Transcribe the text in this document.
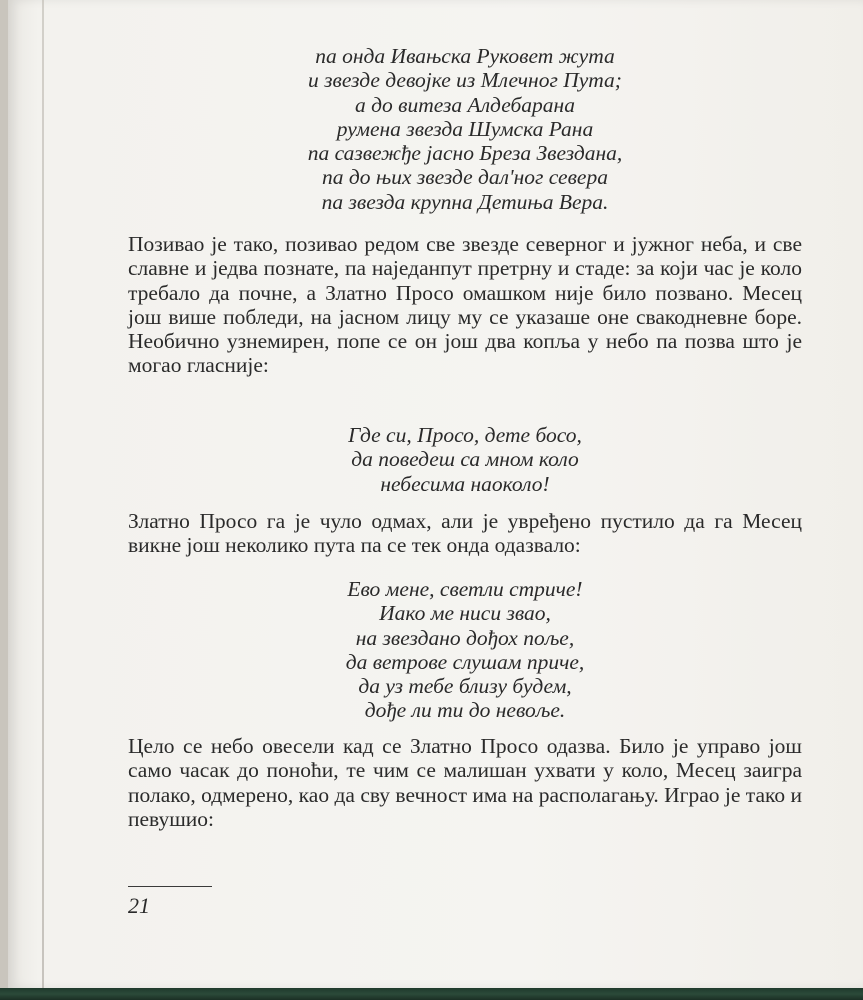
па онда Ивањска Руковет жута
и звезде девојке из Млечног Пута;
а до витеза Алдебарана
румена звезда Шумска Рана
па сазвежђе јасно Бреза Звездана,
па до њих звезде дал'ног севера
па звезда крупна Детиња Вера.
Позивао је тако, позивао редом све звезде северног и јужног неба, и све славне и једва познате, па наједанпут претрну и стаде: за који час је коло требало да почне, а Златно Просо омашком није било позвано. Месец још више побледи, на јасном лицу му се указаше оне свакодневне боре. Необично узнемирен, попе се он још два копља у небо па позва што је могао гласније:
Где си, Просо, дете босо,
да поведеш са мном коло
небесима наоколо!
Златно Просо га је чуло одмах, али је увређено пустило да га Месец викне још неколико пута па се тек онда одазвало:
Ево мене, светли стриче!
Иако ме ниси звао,
на звездано дођох поље,
да ветрове слушам приче,
да уз тебе близу будем,
дође ли ти до невоље.
Цело се небо овесели кад се Златно Просо одазва. Било је управо још само часак до поноћи, те чим се малишан ухвати у коло, Месец заигра полако, одмерено, као да сву вечност има на располагању. Играо је тако и певушио:
21
